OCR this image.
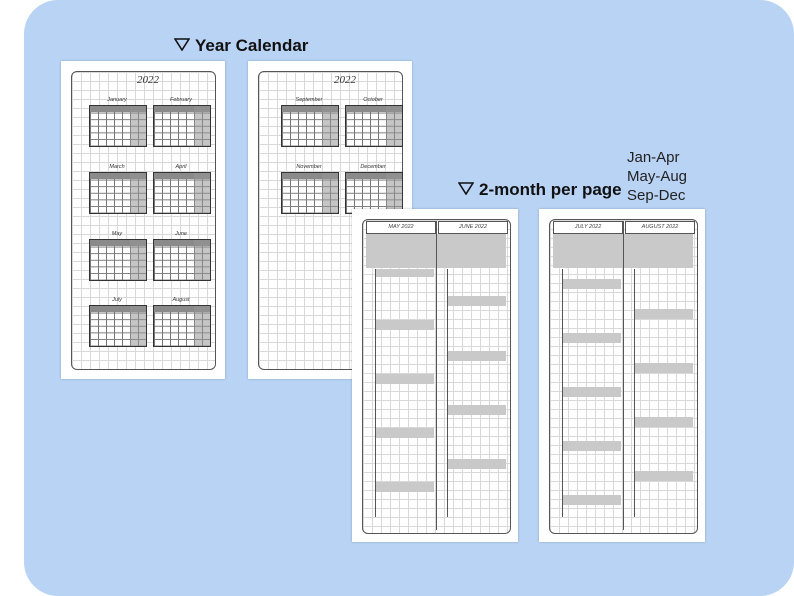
Year Calendar
2-month per page
Jan-Apr
May-Aug
Sep-Dec
2022
January	February
March	April
May	June
July	August
2022
September	October
November	December
MAY 2022	JUNE 2022	JULY 2022	AUGUST 2022
